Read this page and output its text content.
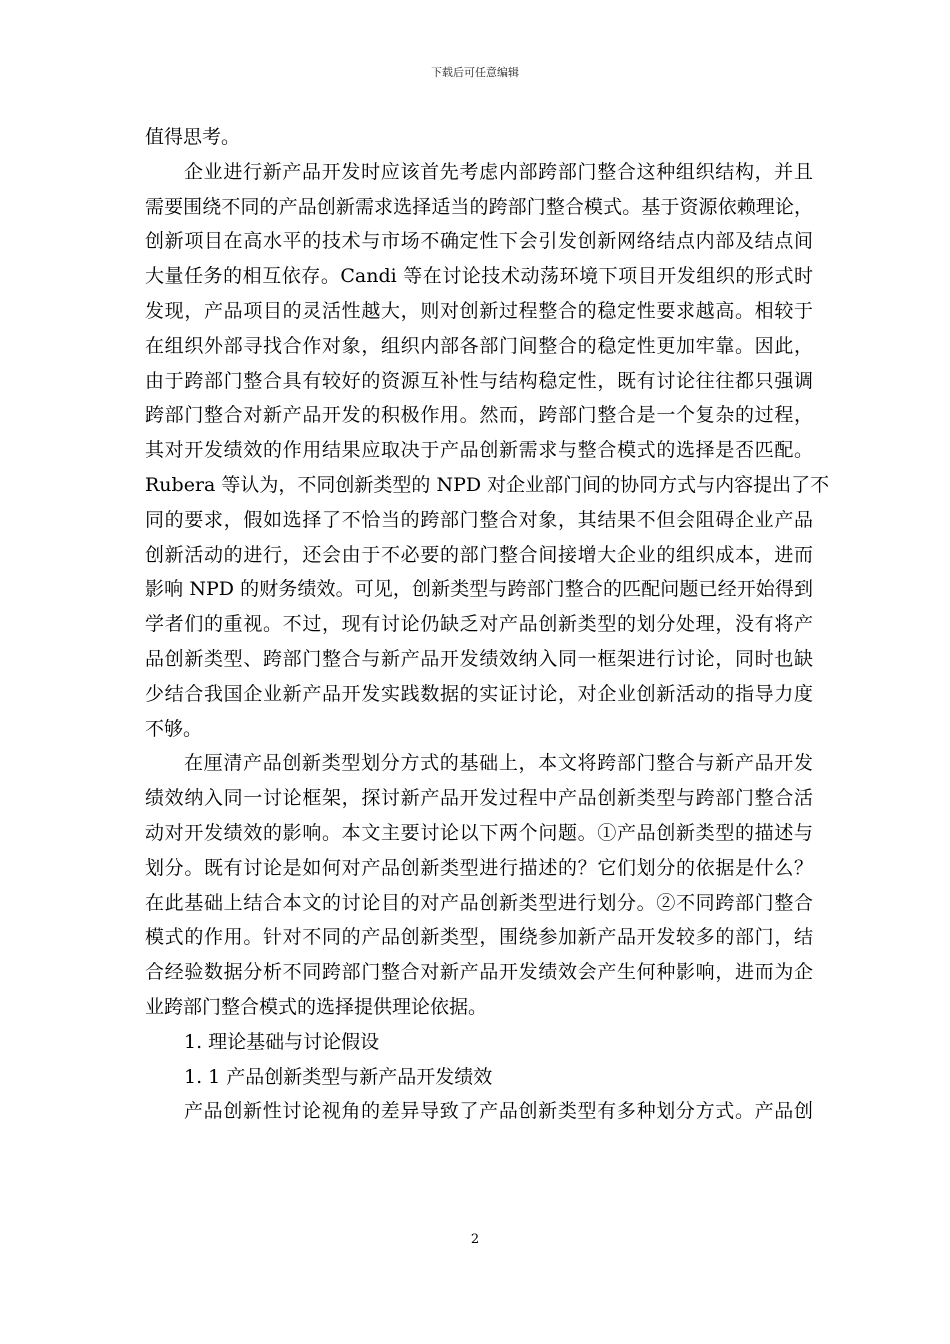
下载后可任意编辑

值得思考。

企业进行新产品开发时应该首先考虑内部跨部门整合这种组织结构，并且

需要围绕不同的产品创新需求选择适当的跨部门整合模式。基于资源依赖理论，

创新项目在高水平的技术与市场不确定性下会引发创新网络结点内部及结点间

大量任务的相互依存。Candi 等在讨论技术动荡环境下项目开发组织的形式时

发现，产品项目的灵活性越大，则对创新过程整合的稳定性要求越高。相较于

在组织外部寻找合作对象，组织内部各部门间整合的稳定性更加牢靠。因此，

由于跨部门整合具有较好的资源互补性与结构稳定性，既有讨论往往都只强调

跨部门整合对新产品开发的积极作用。然而，跨部门整合是一个复杂的过程，

其对开发绩效的作用结果应取决于产品创新需求与整合模式的选择是否匹配。

Rubera 等认为，不同创新类型的 NPD 对企业部门间的协同方式与内容提出了不

同的要求，假如选择了不恰当的跨部门整合对象，其结果不但会阻碍企业产品

创新活动的进行，还会由于不必要的部门整合间接增大企业的组织成本，进而

影响 NPD 的财务绩效。可见，创新类型与跨部门整合的匹配问题已经开始得到

学者们的重视。不过，现有讨论仍缺乏对产品创新类型的划分处理，没有将产

品创新类型、跨部门整合与新产品开发绩效纳入同一框架进行讨论，同时也缺

少结合我国企业新产品开发实践数据的实证讨论，对企业创新活动的指导力度

不够。

在厘清产品创新类型划分方式的基础上，本文将跨部门整合与新产品开发

绩效纳入同一讨论框架，探讨新产品开发过程中产品创新类型与跨部门整合活

动对开发绩效的影响。本文主要讨论以下两个问题。①产品创新类型的描述与

划分。既有讨论是如何对产品创新类型进行描述的？它们划分的依据是什么？

在此基础上结合本文的讨论目的对产品创新类型进行划分。②不同跨部门整合

模式的作用。针对不同的产品创新类型，围绕参加新产品开发较多的部门，结

合经验数据分析不同跨部门整合对新产品开发绩效会产生何种影响，进而为企

业跨部门整合模式的选择提供理论依据。

1. 理论基础与讨论假设

1. 1 产品创新类型与新产品开发绩效

产品创新性讨论视角的差异导致了产品创新类型有多种划分方式。产品创

2
